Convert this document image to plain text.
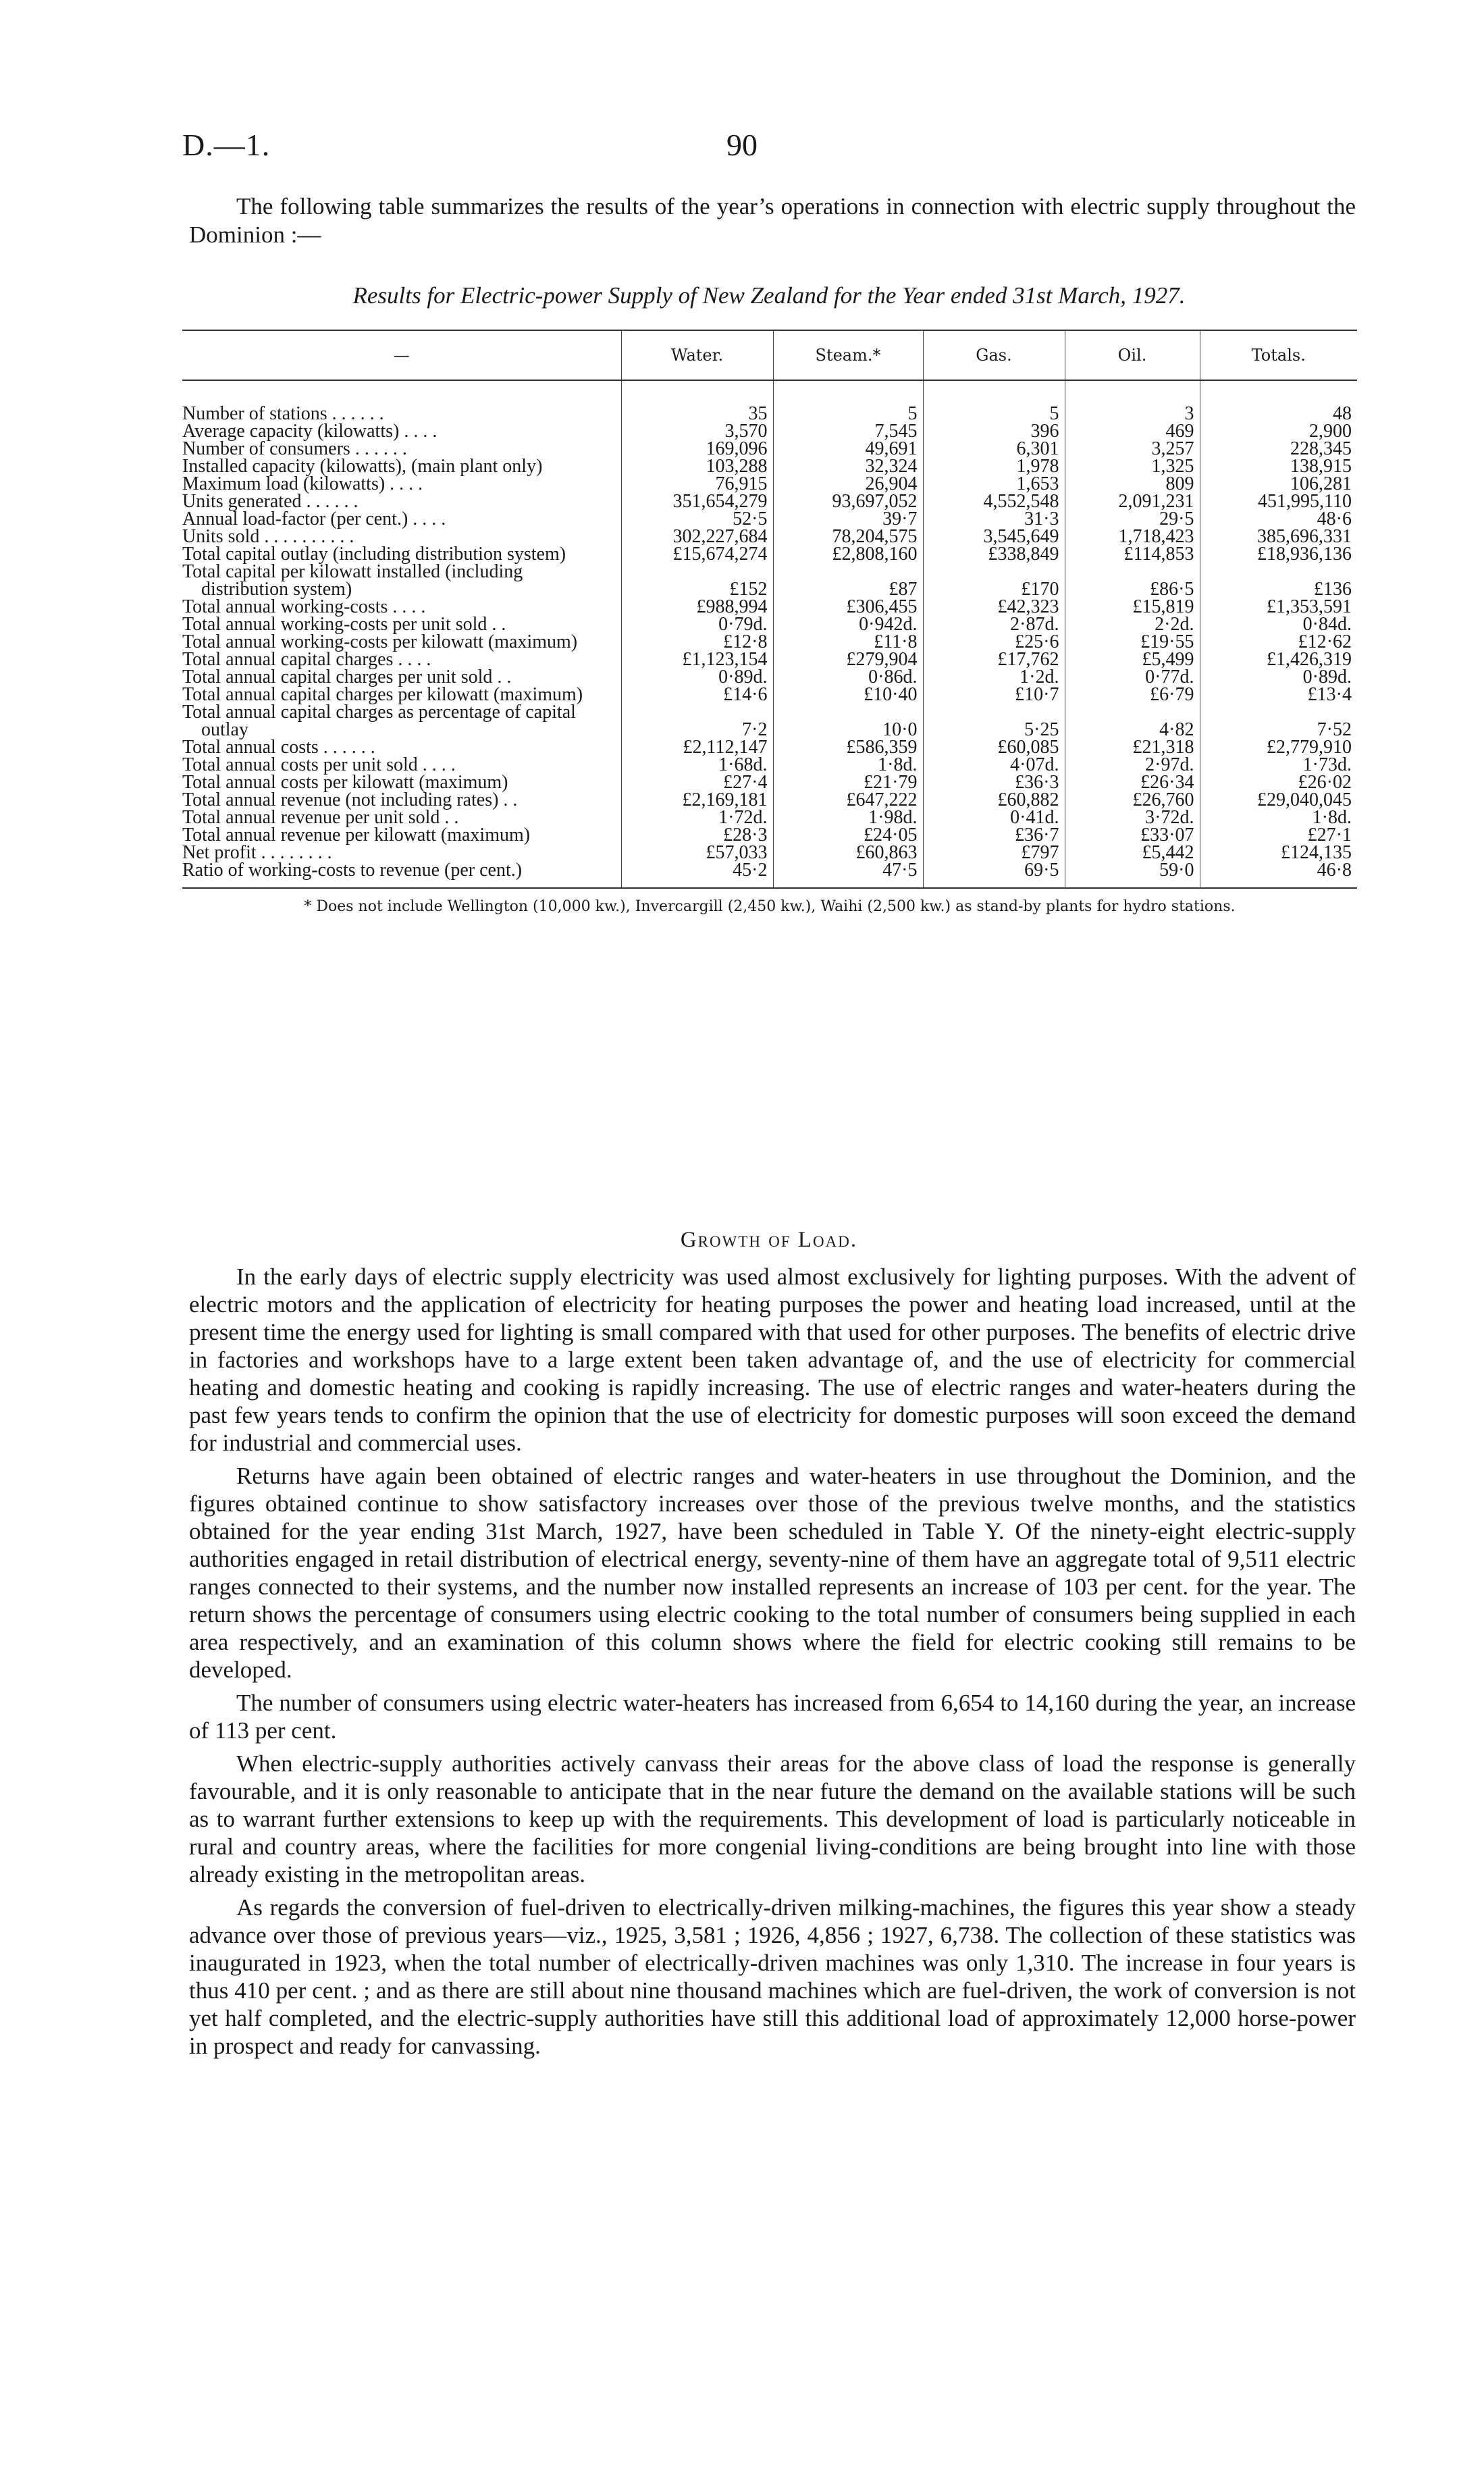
D.—1.	90

The following table summarizes the results of the year’s operations in connection with electric supply throughout the Dominion :—

Results for Electric-power Supply of New Zealand for the Year ended 31st March, 1927.

—	Water.	Steam.*	Gas.	Oil.	Totals.

Number of stations . . . . . .	35	5	5	3	48
Average capacity (kilowatts) . . . .	3,570	7,545	396	469	2,900
Number of consumers . . . . . .	169,096	49,691	6,301	3,257	228,345
Installed capacity (kilowatts), (main plant only)	103,288	32,324	1,978	1,325	138,915
Maximum load (kilowatts) . . . .	76,915	26,904	1,653	809	106,281
Units generated . . . . . .	351,654,279	93,697,052	4,552,548	2,091,231	451,995,110
Annual load-factor (per cent.) . . . .	52·5	39·7	31·3	29·5	48·6
Units sold . . . . . . . . . .	302,227,684	78,204,575	3,545,649	1,718,423	385,696,331
Total capital outlay (including distribution system)	£15,674,274	£2,808,160	£338,849	£114,853	£18,936,136
Total capital per kilowatt installed (including distribution system)	£152	£87	£170	£86·5	£136
Total annual working-costs . . . .	£988,994	£306,455	£42,323	£15,819	£1,353,591
Total annual working-costs per unit sold . .	0·79d.	0·942d.	2·87d.	2·2d.	0·84d.
Total annual working-costs per kilowatt (maximum)	£12·8	£11·8	£25·6	£19·55	£12·62
Total annual capital charges . . . .	£1,123,154	£279,904	£17,762	£5,499	£1,426,319
Total annual capital charges per unit sold . .	0·89d.	0·86d.	1·2d.	0·77d.	0·89d.
Total annual capital charges per kilowatt (maximum)	£14·6	£10·40	£10·7	£6·79	£13·4
Total annual capital charges as percentage of capital outlay	7·2	10·0	5·25	4·82	7·52
Total annual costs . . . . . .	£2,112,147	£586,359	£60,085	£21,318	£2,779,910
Total annual costs per unit sold . . . .	1·68d.	1·8d.	4·07d.	2·97d.	1·73d.
Total annual costs per kilowatt (maximum)	£27·4	£21·79	£36·3	£26·34	£26·02
Total annual revenue (not including rates) . .	£2,169,181	£647,222	£60,882	£26,760	£29,040,045
Total annual revenue per unit sold . .	1·72d.	1·98d.	0·41d.	3·72d.	1·8d.
Total annual revenue per kilowatt (maximum)	£28·3	£24·05	£36·7	£33·07	£27·1
Net profit . . . . . . . .	£57,033	£60,863	£797	£5,442	£124,135
Ratio of working-costs to revenue (per cent.)	45·2	47·5	69·5	59·0	46·8
* Does not include Wellington (10,000 kw.), Invercargill (2,450 kw.), Waihi (2,500 kw.) as stand-by plants for hydro stations.
Growth of Load.

In the early days of electric supply electricity was used almost exclusively for lighting purposes. With the advent of electric motors and the application of electricity for heating purposes the power and heating load increased, until at the present time the energy used for lighting is small compared with that used for other purposes. The benefits of electric drive in factories and workshops have to a large extent been taken advantage of, and the use of electricity for commercial heating and domestic heating and cooking is rapidly increasing. The use of electric ranges and water-heaters during the past few years tends to confirm the opinion that the use of electricity for domestic purposes will soon exceed the demand for industrial and commercial uses.

Returns have again been obtained of electric ranges and water-heaters in use throughout the Dominion, and the figures obtained continue to show satisfactory increases over those of the previous twelve months, and the statistics obtained for the year ending 31st March, 1927, have been scheduled in Table Y. Of the ninety-eight electric-supply authorities engaged in retail distribution of electrical energy, seventy-nine of them have an aggregate total of 9,511 electric ranges connected to their systems, and the number now installed represents an increase of 103 per cent. for the year. The return shows the percentage of consumers using electric cooking to the total number of consumers being supplied in each area respectively, and an examination of this column shows where the field for electric cooking still remains to be developed.

The number of consumers using electric water-heaters has increased from 6,654 to 14,160 during the year, an increase of 113 per cent.

When electric-supply authorities actively canvass their areas for the above class of load the response is generally favourable, and it is only reasonable to anticipate that in the near future the demand on the available stations will be such as to warrant further extensions to keep up with the requirements. This development of load is particularly noticeable in rural and country areas, where the facilities for more congenial living-conditions are being brought into line with those already existing in the metropolitan areas.

As regards the conversion of fuel-driven to electrically-driven milking-machines, the figures this year show a steady advance over those of previous years—viz., 1925, 3,581 ; 1926, 4,856 ; 1927, 6,738. The collection of these statistics was inaugurated in 1923, when the total number of electrically-driven machines was only 1,310. The increase in four years is thus 410 per cent. ; and as there are still about nine thousand machines which are fuel-driven, the work of conversion is not yet half completed, and the electric-supply authorities have still this additional load of approximately 12,000 horse-power in prospect and ready for canvassing.
